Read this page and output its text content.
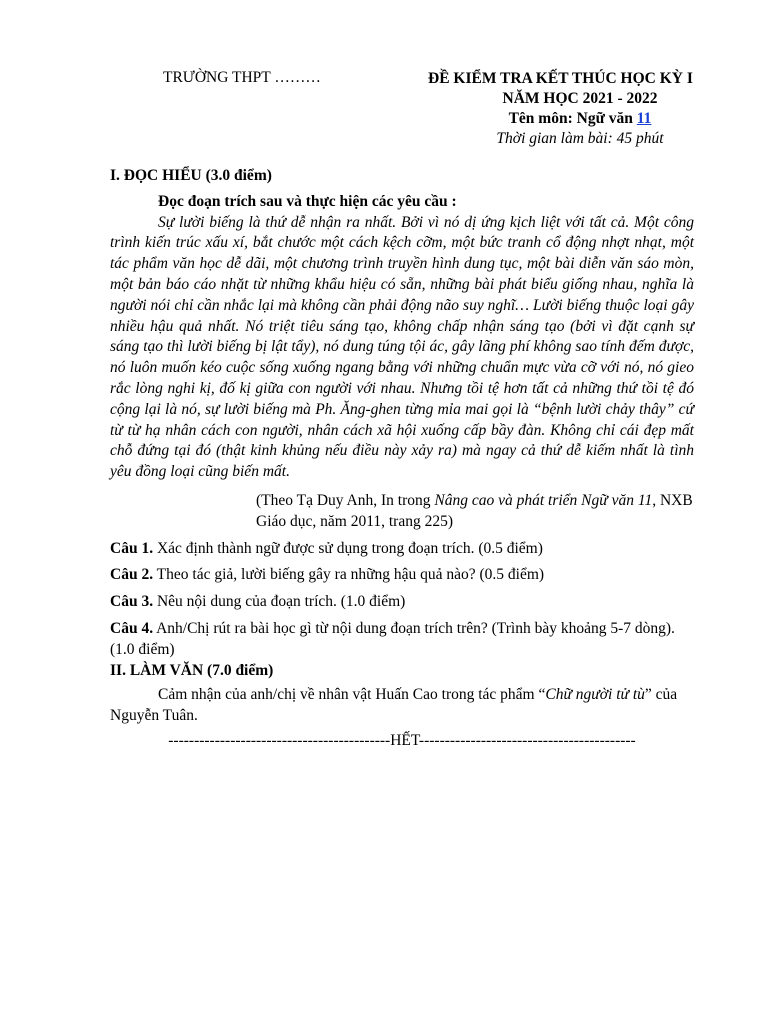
TRƯỜNG THPT ………	ĐỀ KIỂM TRA KẾT THÚC HỌC KỲ I
NĂM HỌC 2021 - 2022
Tên môn: Ngữ văn 11
Thời gian làm bài: 45 phút
I. ĐỌC HIỂU (3.0 điểm)
Đọc đoạn trích sau và thực hiện các yêu cầu :

Sự lười biếng là thứ dễ nhận ra nhất. Bởi vì nó dị ứng kịch liệt với tất cả. Một công trình kiến trúc xấu xí, bắt chước một cách kệch cỡm, một bức tranh cổ động nhợt nhạt, một tác phẩm văn học dễ dãi, một chương trình truyền hình dung tục, một bài diễn văn sáo mòn, một bản báo cáo nhặt từ những khẩu hiệu có sẵn, những bài phát biểu giống nhau, nghĩa là người nói chỉ cần nhắc lại mà không cần phải động não suy nghĩ… Lười biếng thuộc loại gây nhiều hậu quả nhất. Nó triệt tiêu sáng tạo, không chấp nhận sáng tạo (bởi vì đặt cạnh sự sáng tạo thì lười biếng bị lật tẩy), nó dung túng tội ác, gây lãng phí không sao tính đếm được, nó luôn muốn kéo cuộc sống xuống ngang bằng với những chuẩn mực vừa cỡ với nó, nó gieo rắc lòng nghi kị, đố kị giữa con người với nhau. Nhưng tồi tệ hơn tất cả những thứ tồi tệ đó cộng lại là nó, sự lười biếng mà Ph. Ăng-ghen từng mỉa mai gọi là “bệnh lười chảy thây” cứ từ từ hạ nhân cách con người, nhân cách xã hội xuống cấp bầy đàn. Không chỉ cái đẹp mất chỗ đứng tại đó (thật kinh khủng nếu điều này xảy ra) mà ngay cả thứ dễ kiếm nhất là tình yêu đồng loại cũng biến mất.

(Theo Tạ Duy Anh, In trong Nâng cao và phát triển Ngữ văn 11, NXB Giáo dục, năm 2011, trang 225)
Câu 1. Xác định thành ngữ được sử dụng trong đoạn trích. (0.5 điểm)
Câu 2. Theo tác giả, lười biếng gây ra những hậu quả nào? (0.5 điểm)
Câu 3. Nêu nội dung của đoạn trích. (1.0 điểm)
Câu 4. Anh/Chị rút ra bài học gì từ nội dung đoạn trích trên? (Trình bày khoảng 5-7 dòng). (1.0 điểm)
II. LÀM VĂN (7.0 điểm)
Cảm nhận của anh/chị về nhân vật Huấn Cao trong tác phẩm “Chữ người tử tù” của Nguyễn Tuân.
-------------------------------------------HẾT------------------------------------------
